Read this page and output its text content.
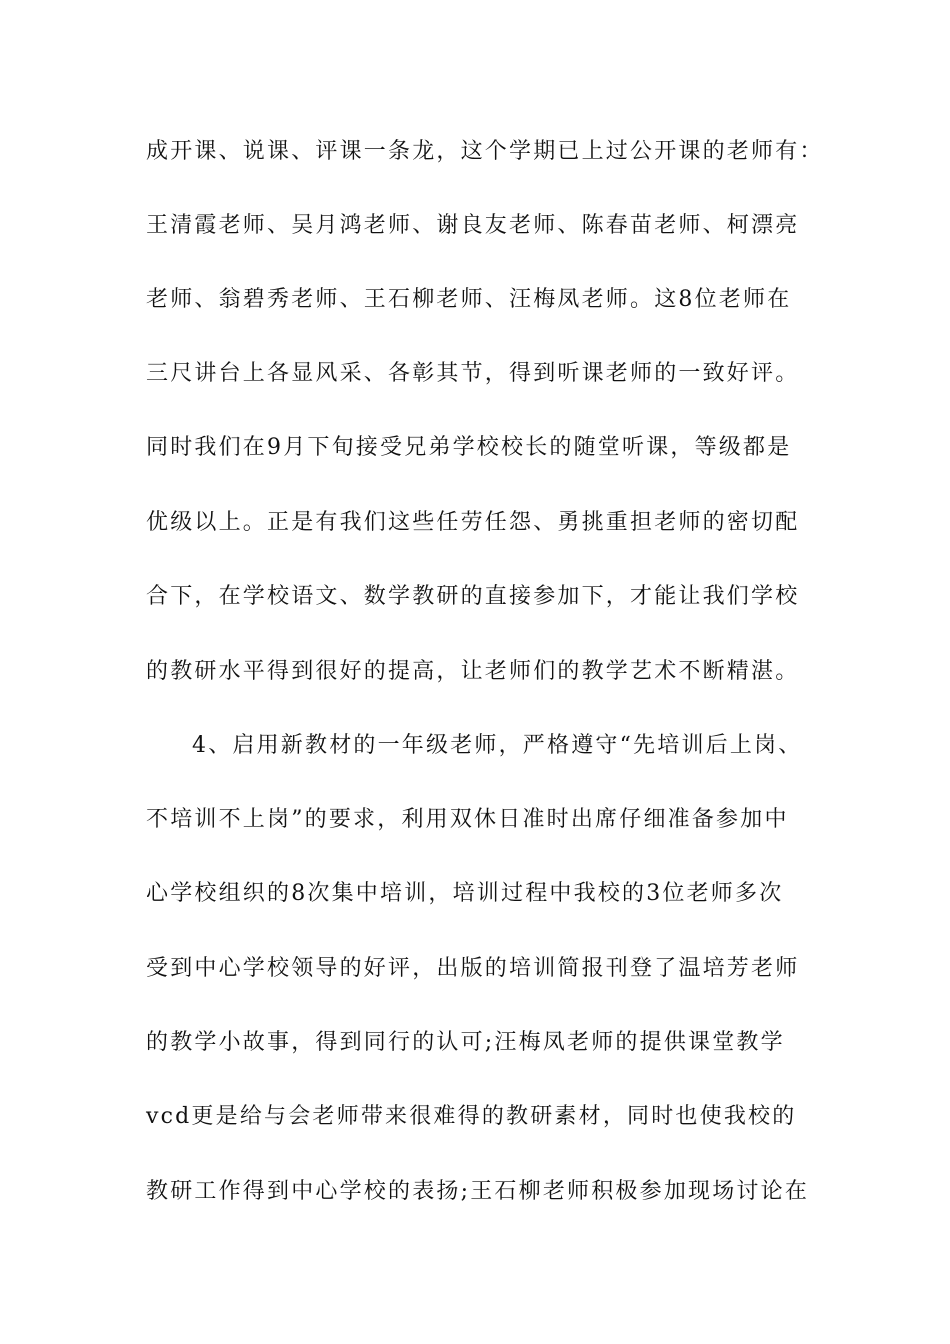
成开课、说课、评课一条龙，这个学期已上过公开课的老师有：
王清霞老师、吴月鸿老师、谢良友老师、陈春苗老师、柯漂亮
老师、翁碧秀老师、王石柳老师、汪梅凤老师。这8位老师在
三尺讲台上各显风采、各彰其节，得到听课老师的一致好评。
同时我们在9月下旬接受兄弟学校校长的随堂听课，等级都是
优级以上。正是有我们这些任劳任怨、勇挑重担老师的密切配
合下，在学校语文、数学教研的直接参加下，才能让我们学校
的教研水平得到很好的提高，让老师们的教学艺术不断精湛。
4、启用新教材的一年级老师，严格遵守“先培训后上岗、
不培训不上岗”的要求，利用双休日准时出席仔细准备参加中
心学校组织的8次集中培训，培训过程中我校的3位老师多次
受到中心学校领导的好评，出版的培训简报刊登了温培芳老师
的教学小故事，得到同行的认可;汪梅凤老师的提供课堂教学
vcd更是给与会老师带来很难得的教研素材，同时也使我校的
教研工作得到中心学校的表扬;王石柳老师积极参加现场讨论在
